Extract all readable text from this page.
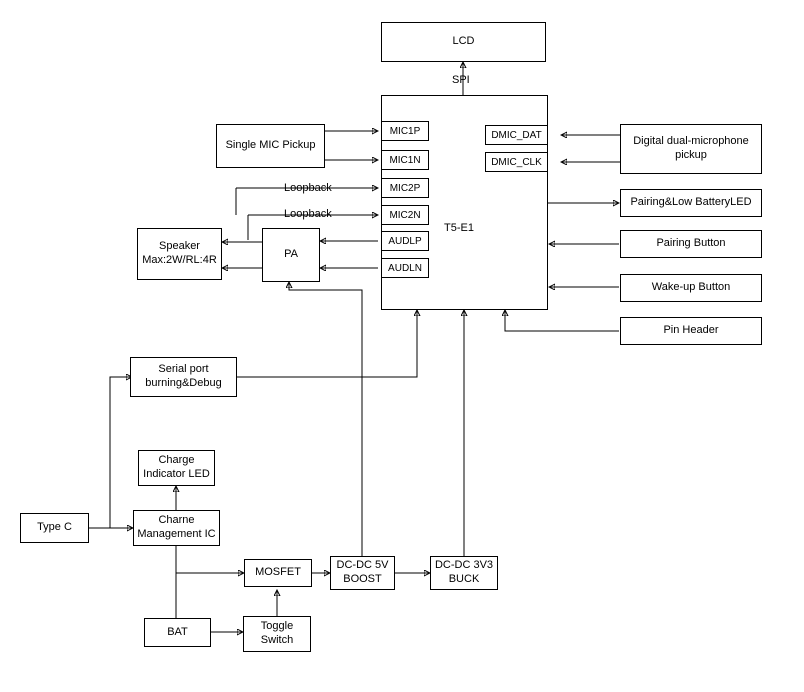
T5-E1
LCD
SPI
Single MIC Pickup
Speaker
Max:2W/RL:4R	PA
Loopback
Loopback
MIC1P
MIC1N
MIC2P
MIC2N
AUDLP
AUDLN
DMIC_DAT
DMIC_CLK
Digital dual-microphone
pickup
Pairing&Low BatteryLED
Pairing Button
Wake-up Button
Pin Header
Serial port
burning&Debug
Charge
Indicator LED
Type C
Charne
Management IC
MOSFET
DC-DC 5V
BOOST
DC-DC 3V3
BUCK
BAT	Toggle
Switch
